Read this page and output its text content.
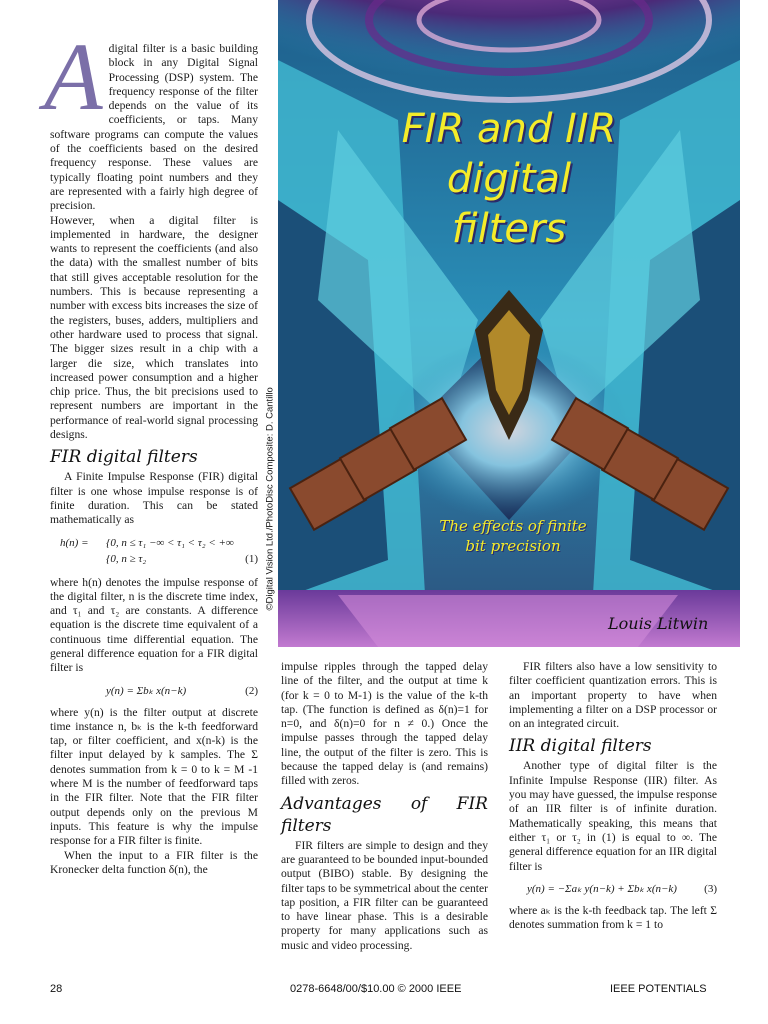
A digital filter is a basic building block in any Digital Signal Processing (DSP) system. The frequency response of the filter depends on the value of its coefficients, or taps. Many software programs can compute the values of the coefficients based on the desired frequency response. These values are typically floating point numbers and they are represented with a fairly high degree of precision.

However, when a digital filter is implemented in hardware, the designer wants to represent the coefficients (and also the data) with the smallest number of bits that still gives acceptable resolution for the numbers. This is because representing a number with excess bits increases the size of the registers, buses, adders, multipliers and other hardware used to process that signal. The bigger sizes result in a chip with a larger die size, which translates into increased power consumption and a higher chip price. Thus, the bit precisions used to represent numbers are important in the performance of real-world signal processing designs.

FIR digital filters

A Finite Impulse Response (FIR) digital filter is one whose impulse response is of finite duration. This can be stated mathematically as

h(n) = {0, n ≤ τ₁ −∞ < τ₁ < τ₂ < +∞
{0, n ≥ τ₂	(1)

where h(n) denotes the impulse response of the digital filter, n is the discrete time index, and τ₁ and τ₂ are constants. A difference equation is the discrete time equivalent of a continuous time differential equation. The general difference equation for a FIR digital filter is

y(n) = Σbₖ x(n−k)	(2)

where y(n) is the filter output at discrete time instance n, bₖ is the k-th feedforward tap, or filter coefficient, and x(n-k) is the filter input delayed by k samples. The Σ denotes summation from k = 0 to k = M -1 where M is the number of feedforward taps in the FIR filter. Note that the FIR filter output depends only on the previous M inputs. This feature is why the impulse response for a FIR filter is finite.

When the input to a FIR filter is the Kronecker delta function δ(n), the

FIR and IIR
digital
filters
The effects of finite
bit precision
Louis Litwin
©Digital Vision Ltd./PhotoDisc Composite: D. Cantillo

impulse ripples through the tapped delay line of the filter, and the output at time k (for k = 0 to M-1) is the value of the k-th tap. (The function is defined as δ(n)=1 for n=0, and δ(n)=0 for n ≠ 0.) Once the impulse passes through the tapped delay line, the output of the filter is zero. This is because the tapped delay is (and remains) filled with zeros.

Advantages of FIR filters

FIR filters are simple to design and they are guaranteed to be bounded input-bounded output (BIBO) stable. By designing the filter taps to be symmetrical about the center tap position, a FIR filter can be guaranteed to have linear phase. This is a desirable property for many applications such as music and video processing.

FIR filters also have a low sensitivity to filter coefficient quantization errors. This is an important property to have when implementing a filter on a DSP processor or on an integrated circuit.

IIR digital filters

Another type of digital filter is the Infinite Impulse Response (IIR) filter. As you may have guessed, the impulse response of an IIR filter is of infinite duration. Mathematically speaking, this means that either τ₁ or τ₂ in (1) is equal to ∞. The general difference equation for an IIR digital filter is

y(n) = −Σaₖ y(n−k) + Σbₖ x(n−k) (3)

where aₖ is the k-th feedback tap. The left Σ denotes summation from k = 1 to

28	0278-6648/00/$10.00 © 2000 IEEE	IEEE POTENTIALS
